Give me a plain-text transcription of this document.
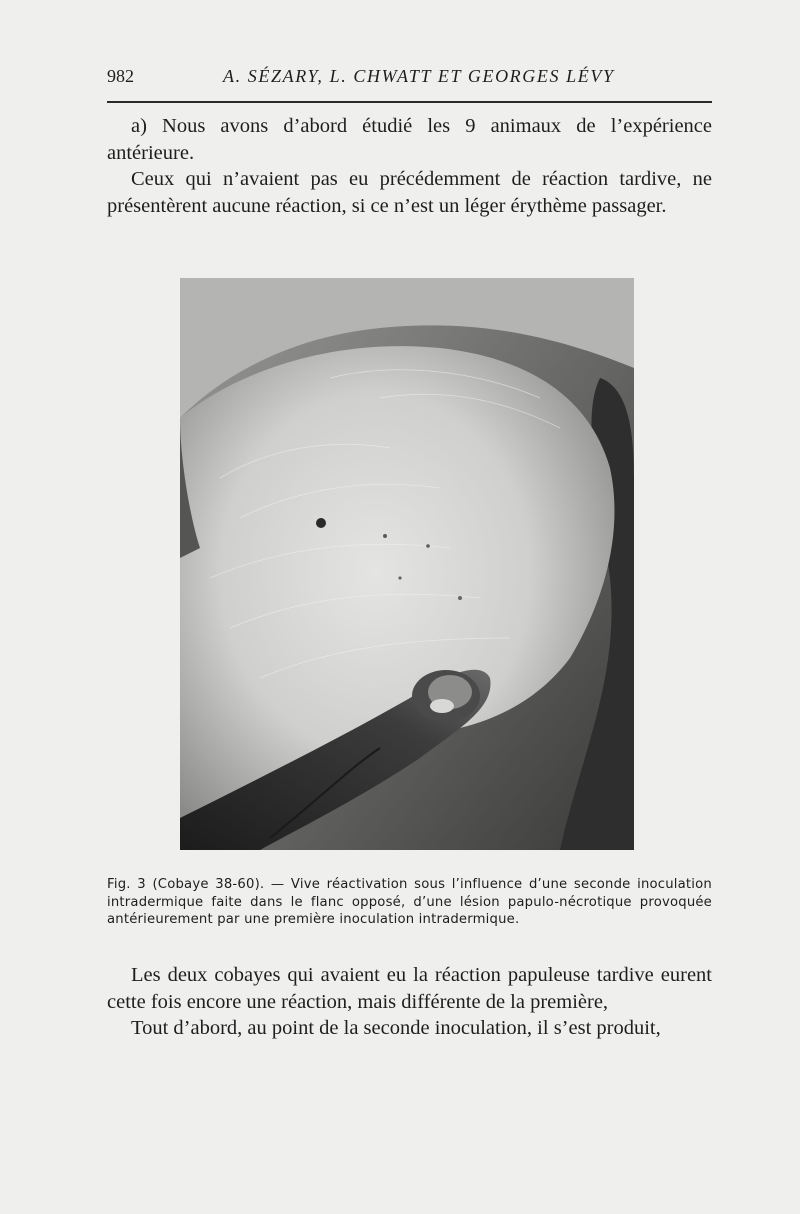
982	A. SÉZARY, L. CHWATT ET GEORGES LÉVY

a) Nous avons d’abord étudié les 9 animaux de l’expérience antérieure.

Ceux qui n’avaient pas eu précédemment de réaction tardive, ne présentèrent aucune réaction, si ce n’est un léger érythème passager.

Fig. 3 (Cobaye 38-60). — Vive réactivation sous l’influence d’une seconde inoculation intradermique faite dans le flanc opposé, d’une lésion papulo-nécrotique provoquée antérieurement par une première inoculation intradermique.

Les deux cobayes qui avaient eu la réaction papuleuse tardive eurent cette fois encore une réaction, mais différente de la première,

Tout d’abord, au point de la seconde inoculation, il s’est produit,
